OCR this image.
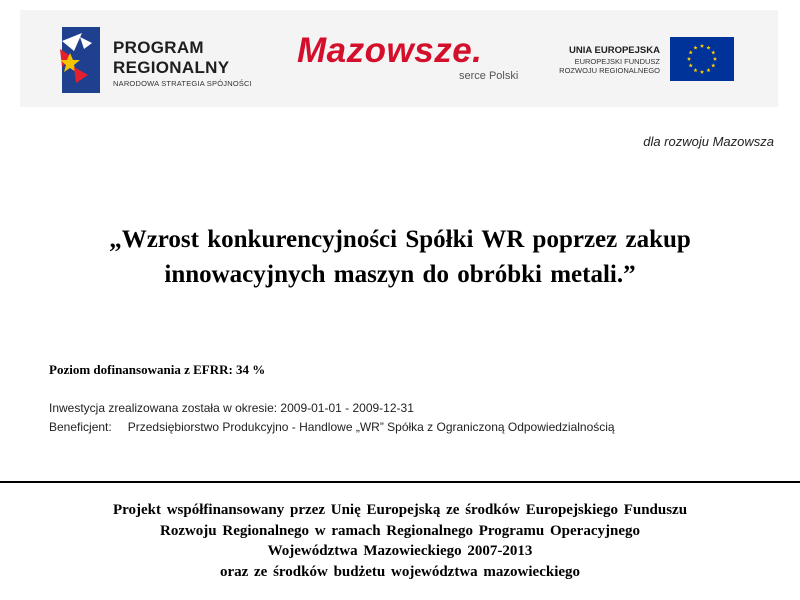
PROGRAM
REGIONALNY
NARODOWA STRATEGIA SPÓJNOŚCI
Mazowsze.
serce Polski
UNIA EUROPEJSKA
EUROPEJSKI FUNDUSZ
ROZWOJU REGIONALNEGO
dla rozwoju Mazowsza
„Wzrost konkurencyjności Spółki WR poprzez zakup
innowacyjnych maszyn do obróbki metali.”
Poziom dofinansowania z EFRR: 34 %
Inwestycja zrealizowana została w okresie: 2009-01-01 - 2009-12-31
Beneficjent: Przedsiębiorstwo Produkcyjno - Handlowe „WR” Spółka z Ograniczoną Odpowiedzialnością
Projekt współfinansowany przez Unię Europejską ze środków Europejskiego Funduszu
Rozwoju Regionalnego w ramach Regionalnego Programu Operacyjnego
Województwa Mazowieckiego 2007-2013
oraz ze środków budżetu województwa mazowieckiego
